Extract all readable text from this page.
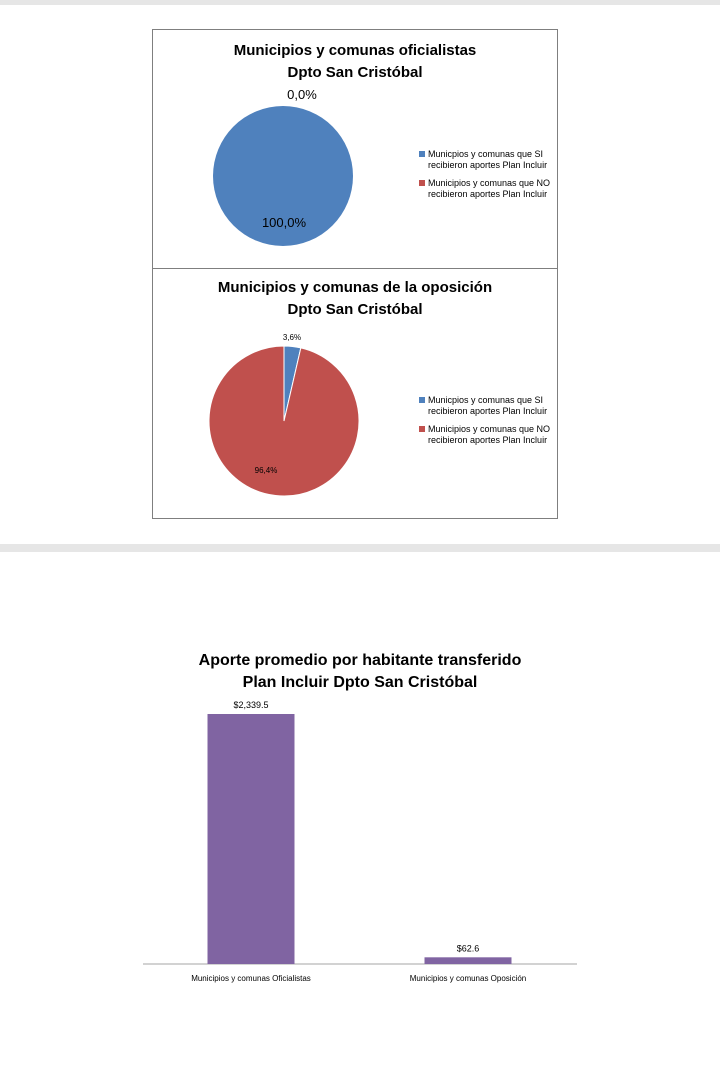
Municipios y comunas oficialistas
Dpto San Cristóbal
100,0%
0,0%
Municpios y comunas que SI recibieron aportes Plan Incluir
Municipios y comunas que NO recibieron aportes Plan Incluir
Municipios y comunas de la oposición
Dpto San Cristóbal
3,6%
96,4%
Municpios y comunas que SI recibieron aportes Plan Incluir
Municipios y comunas que NO recibieron aportes Plan Incluir
Aporte promedio por habitante transferido
Plan Incluir Dpto San Cristóbal
$2,339.5
Municipios y comunas Oficialistas
$62.6
Municipios y comunas Oposición
